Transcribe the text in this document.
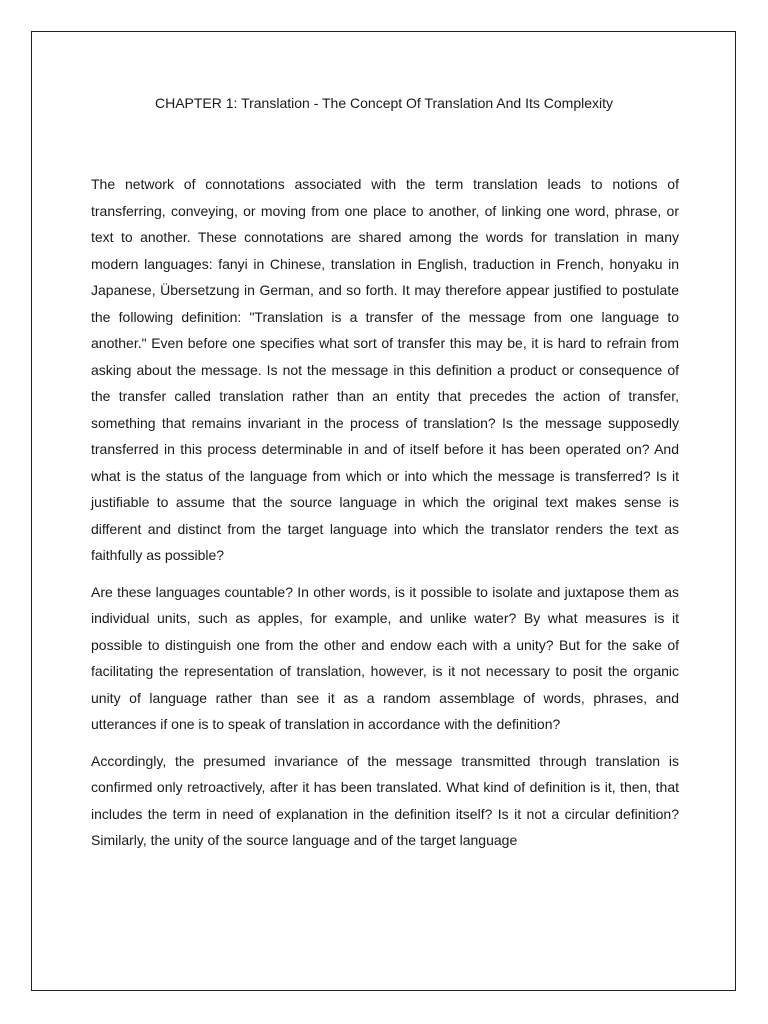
CHAPTER 1: Translation - The Concept Of Translation And Its Complexity

The network of connotations associated with the term translation leads to notions of transferring, conveying, or moving from one place to another, of linking one word, phrase, or text to another. These connotations are shared among the words for translation in many modern languages: fanyi in Chinese, translation in English, traduction in French, honyaku in Japanese, Übersetzung in German, and so forth. It may therefore appear justified to postulate the following definition: "Translation is a transfer of the message from one language to another." Even before one specifies what sort of transfer this may be, it is hard to refrain from asking about the message. Is not the message in this definition a product or consequence of the transfer called translation rather than an entity that precedes the action of transfer, something that remains invariant in the process of translation? Is the message supposedly transferred in this process determinable in and of itself before it has been operated on? And what is the status of the language from which or into which the message is transferred? Is it justifiable to assume that the source language in which the original text makes sense is different and distinct from the target language into which the translator renders the text as faithfully as possible?

Are these languages countable? In other words, is it possible to isolate and juxtapose them as individual units, such as apples, for example, and unlike water? By what measures is it possible to distinguish one from the other and endow each with a unity? But for the sake of facilitating the representation of translation, however, is it not necessary to posit the organic unity of language rather than see it as a random assemblage of words, phrases, and utterances if one is to speak of translation in accordance with the definition?

Accordingly, the presumed invariance of the message transmitted through translation is confirmed only retroactively, after it has been translated. What kind of definition is it, then, that includes the term in need of explanation in the definition itself? Is it not a circular definition? Similarly, the unity of the source language and of the target language
